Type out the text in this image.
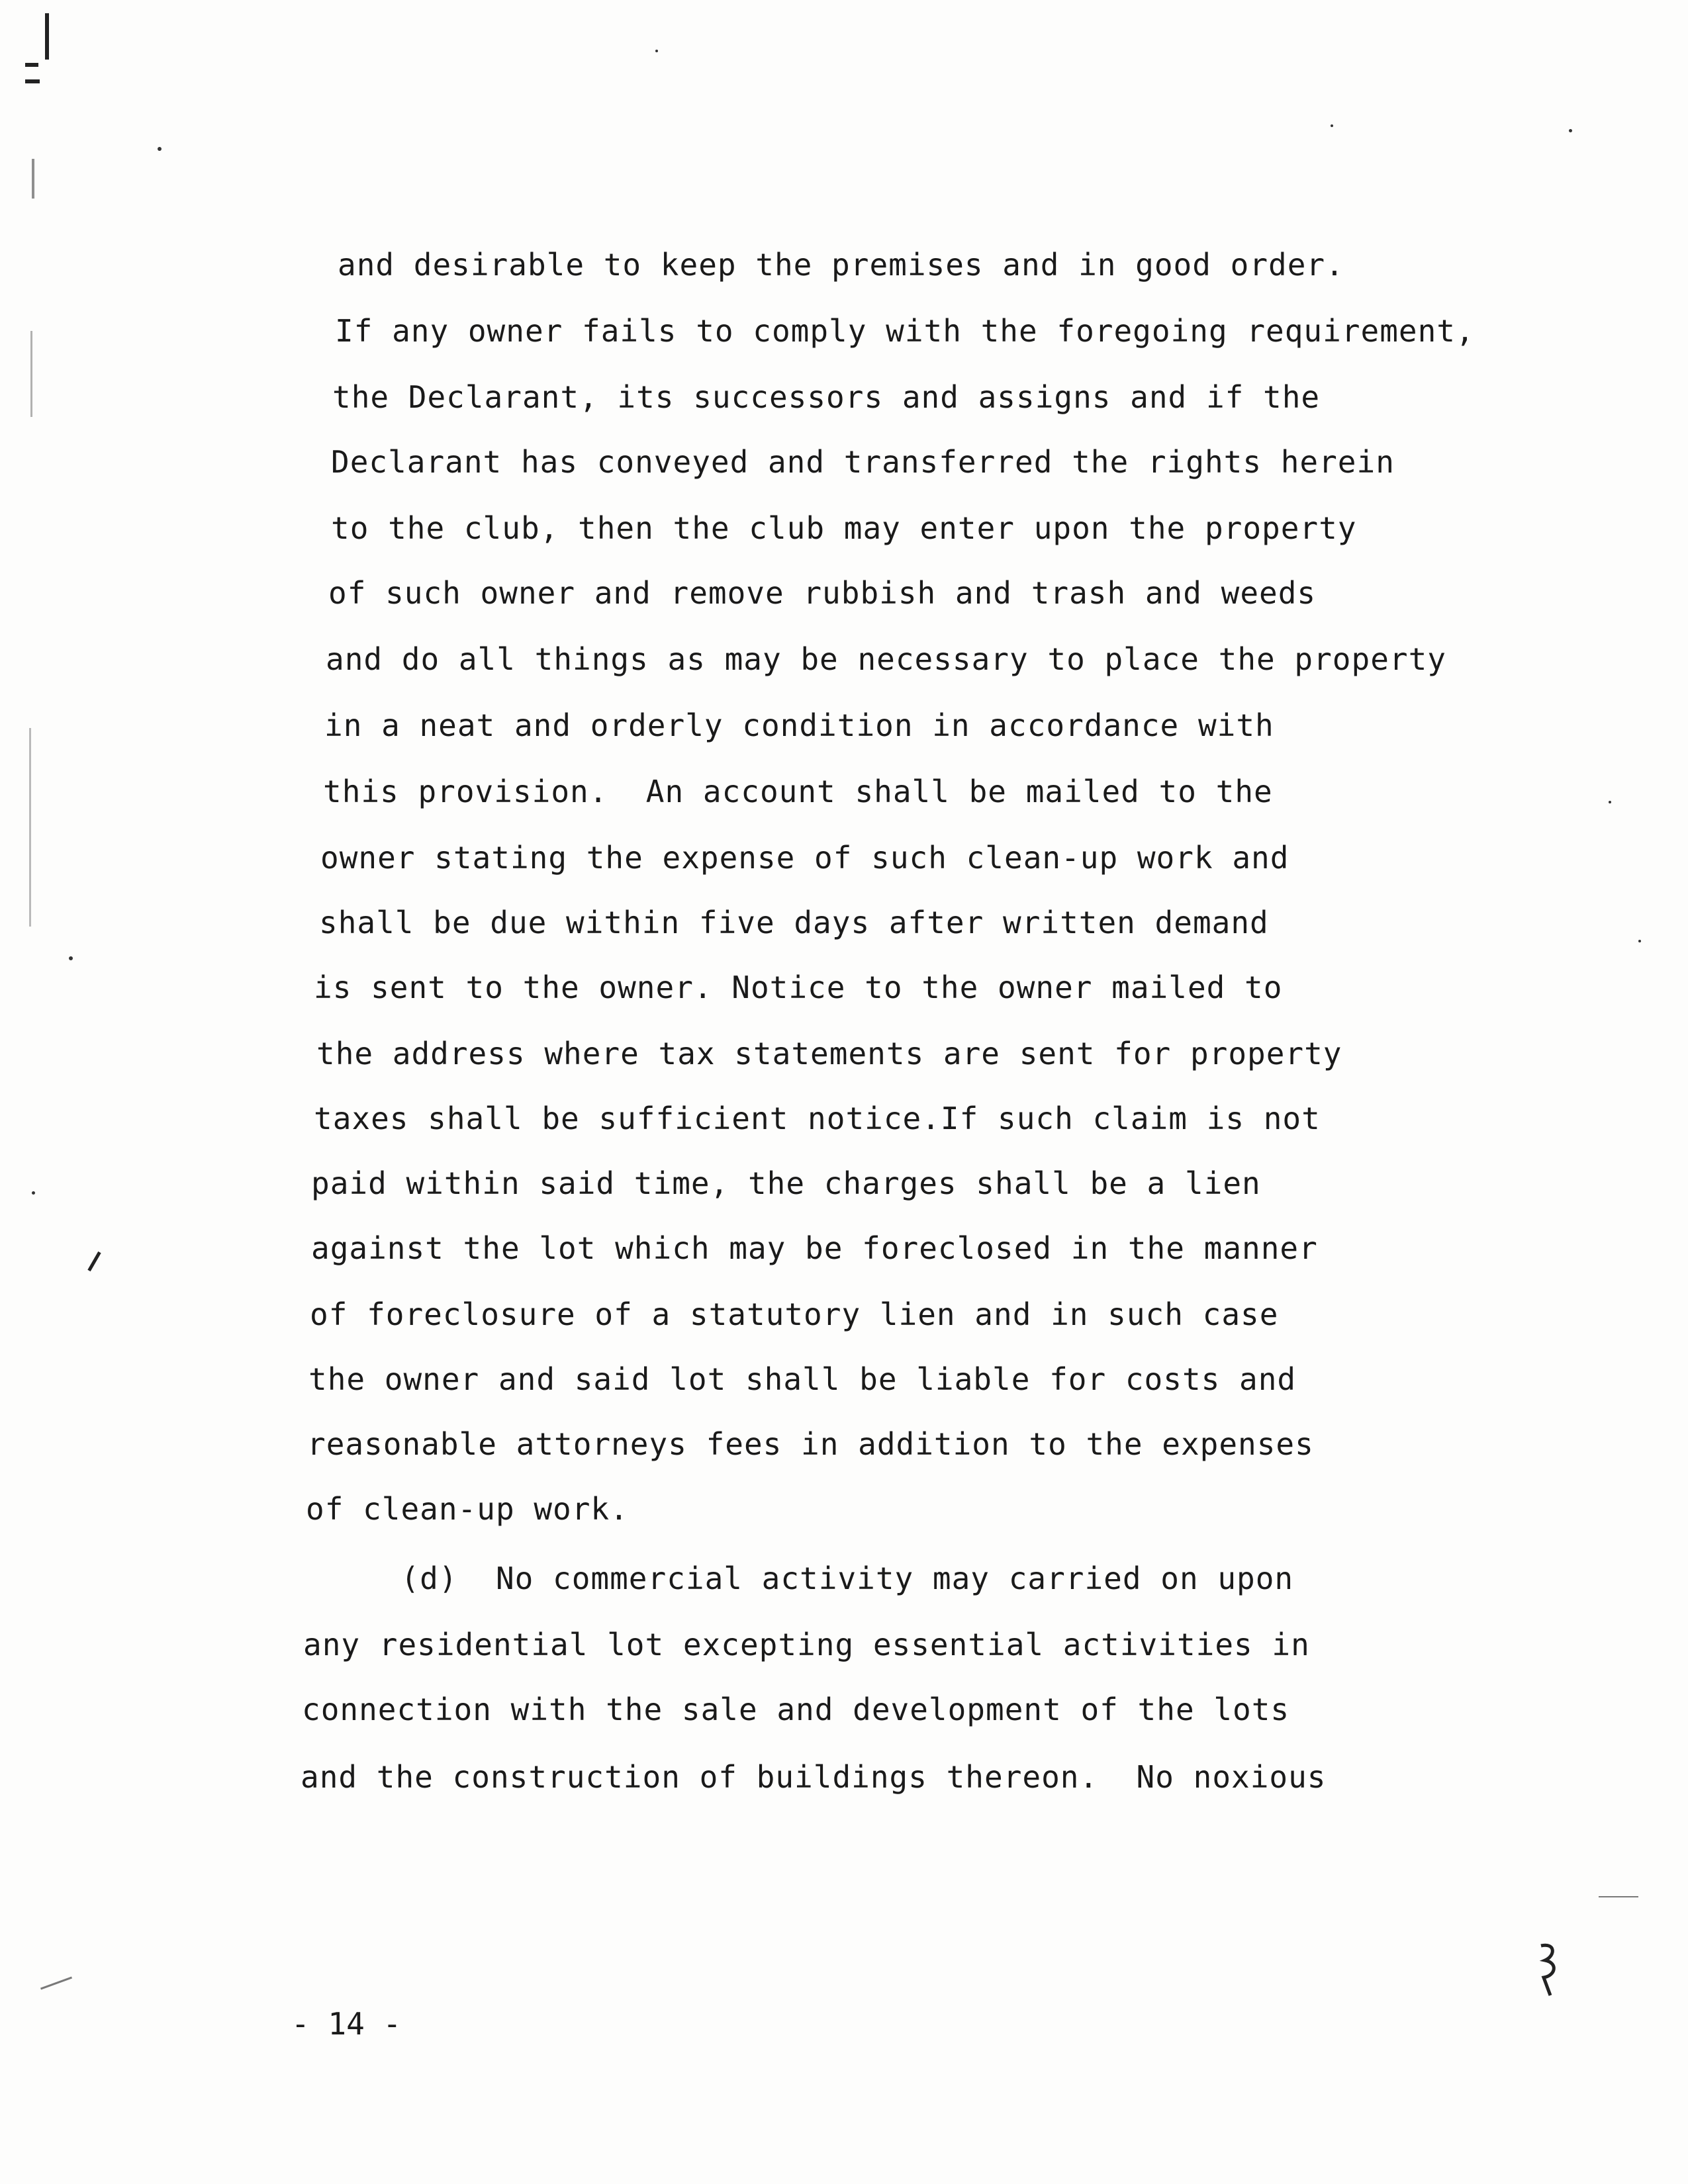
and desirable to keep the premises and in good order.
If any owner fails to comply with the foregoing requirement,
the Declarant, its successors and assigns and if the
Declarant has conveyed and transferred the rights herein
to the club, then the club may enter upon the property
of such owner and remove rubbish and trash and weeds
and do all things as may be necessary to place the property
in a neat and orderly condition in accordance with
this provision.  An account shall be mailed to the
owner stating the expense of such clean-up work and
shall be due within five days after written demand
is sent to the owner. Notice to the owner mailed to
the address where tax statements are sent for property
taxes shall be sufficient notice.If such claim is not
paid within said time, the charges shall be a lien
against the lot which may be foreclosed in the manner
of foreclosure of a statutory lien and in such case
the owner and said lot shall be liable for costs and
reasonable attorneys fees in addition to the expenses
of clean-up work.
(d)  No commercial activity may carried on upon
any residential lot excepting essential activities in
connection with the sale and development of the lots
and the construction of buildings thereon.  No noxious
- 14 -
